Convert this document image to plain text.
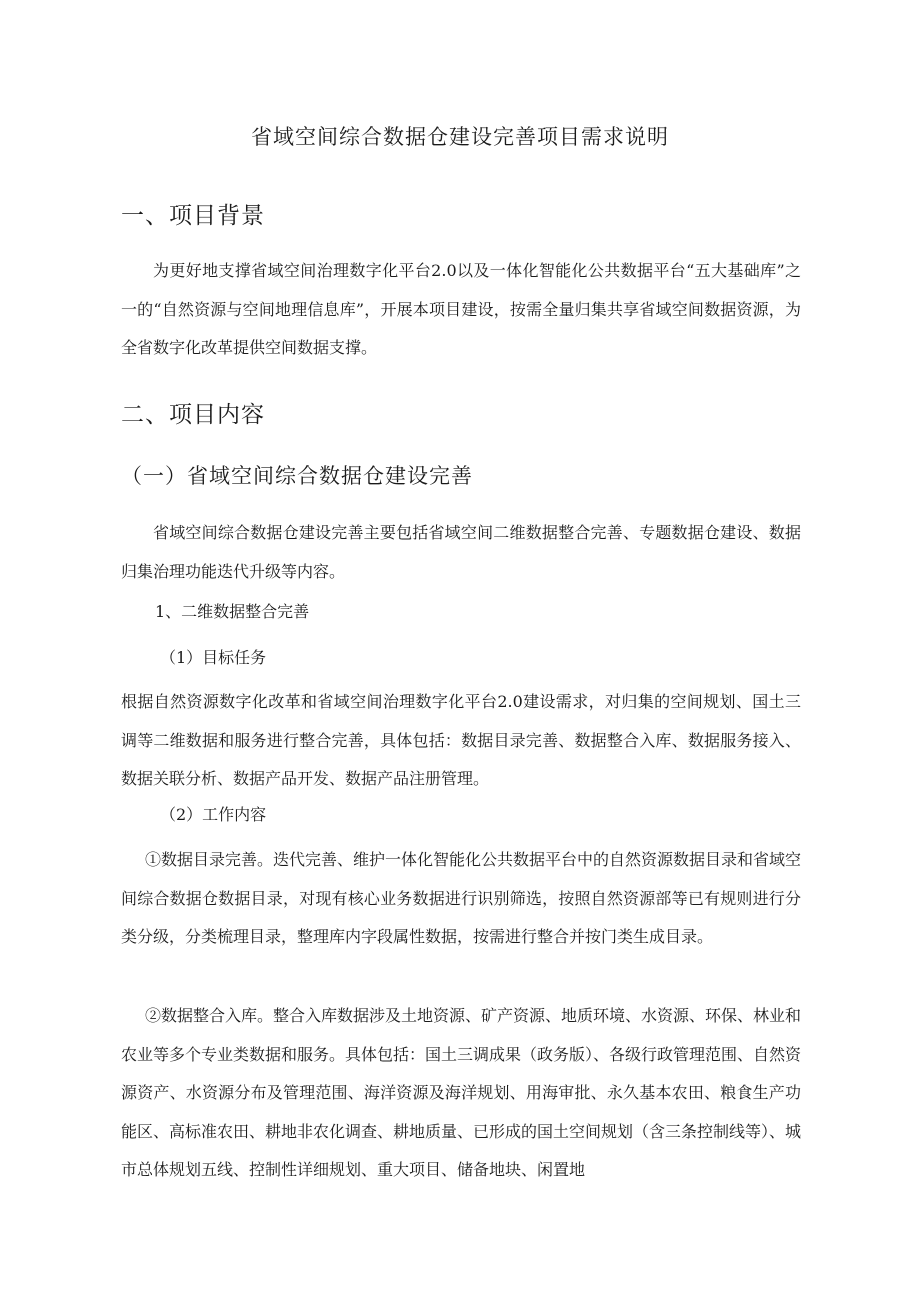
省域空间综合数据仓建设完善项目需求说明
一、项目背景

为更好地支撑省域空间治理数字化平台2.0以及一体化智能化公共数据平台“五大基础库”之一的“自然资源与空间地理信息库”，开展本项目建设，按需全量归集共享省域空间数据资源，为全省数字化改革提供空间数据支撑。

二、项目内容
（一）省域空间综合数据仓建设完善

省域空间综合数据仓建设完善主要包括省域空间二维数据整合完善、专题数据仓建设、数据归集治理功能迭代升级等内容。

1、二维数据整合完善
（1）目标任务

根据自然资源数字化改革和省域空间治理数字化平台2.0建设需求，对归集的空间规划、国土三调等二维数据和服务进行整合完善，具体包括：数据目录完善、数据整合入库、数据服务接入、数据关联分析、数据产品开发、数据产品注册管理。

（2）工作内容

①数据目录完善。迭代完善、维护一体化智能化公共数据平台中的自然资源数据目录和省域空间综合数据仓数据目录，对现有核心业务数据进行识别筛选，按照自然资源部等已有规则进行分类分级，分类梳理目录，整理库内字段属性数据，按需进行整合并按门类生成目录。

②数据整合入库。整合入库数据涉及土地资源、矿产资源、地质环境、水资源、环保、林业和农业等多个专业类数据和服务。具体包括：国土三调成果（政务版）、各级行政管理范围、自然资源资产、水资源分布及管理范围、海洋资源及海洋规划、用海审批、永久基本农田、粮食生产功能区、高标准农田、耕地非农化调查、耕地质量、已形成的国土空间规划（含三条控制线等）、城市总体规划五线、控制性详细规划、重大项目、储备地块、闲置地
